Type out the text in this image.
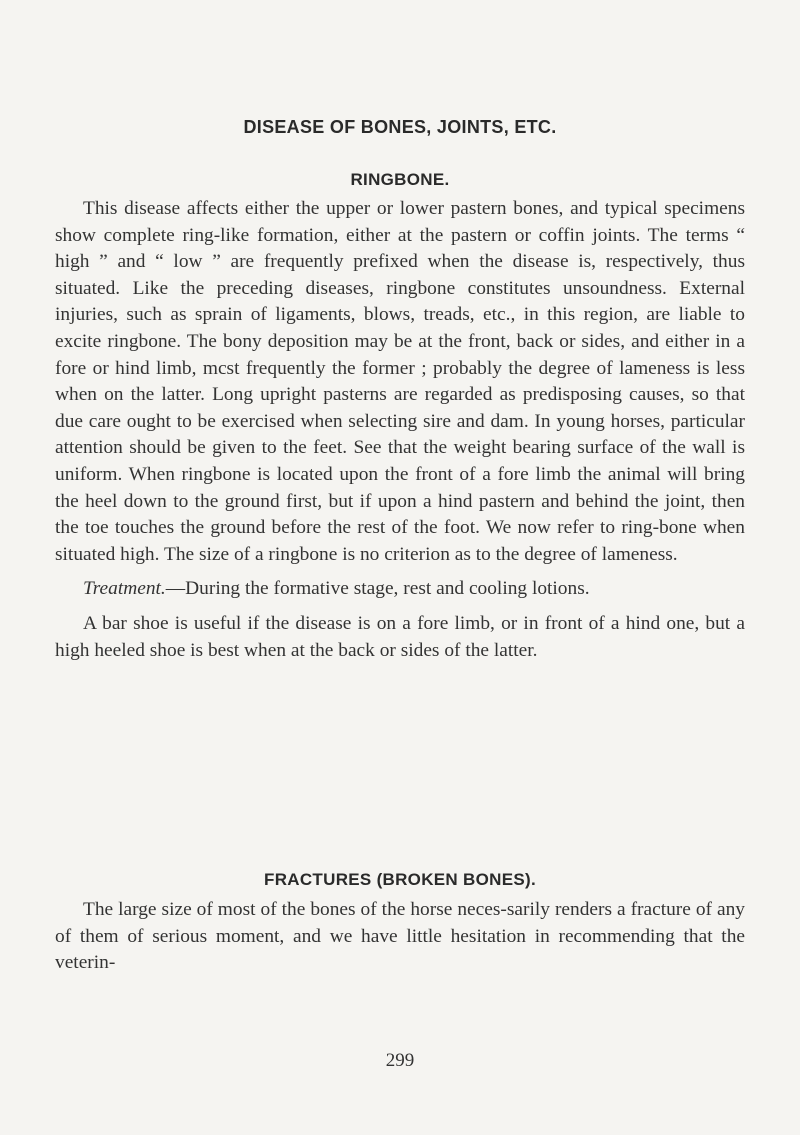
DISEASE OF BONES, JOINTS, ETC.
RINGBONE.

This disease affects either the upper or lower pastern bones, and typical specimens show complete ring-like formation, either at the pastern or coffin joints. The terms “ high ” and “ low ” are frequently prefixed when the disease is, respectively, thus situated. Like the preceding diseases, ringbone constitutes unsoundness. External injuries, such as sprain of ligaments, blows, treads, etc., in this region, are liable to excite ringbone. The bony deposition may be at the front, back or sides, and either in a fore or hind limb, mcst frequently the former ; probably the degree of lameness is less when on the latter. Long upright pasterns are regarded as predisposing causes, so that due care ought to be exercised when selecting sire and dam. In young horses, particular attention should be given to the feet. See that the weight bearing surface of the wall is uniform. When ringbone is located upon the front of a fore limb the animal will bring the heel down to the ground first, but if upon a hind pastern and behind the joint, then the toe touches the ground before the rest of the foot. We now refer to ring-bone when situated high. The size of a ringbone is no criterion as to the degree of lameness.

Treatment.—During the formative stage, rest and cooling lotions.

A bar shoe is useful if the disease is on a fore limb, or in front of a hind one, but a high heeled shoe is best when at the back or sides of the latter.

FRACTURES (BROKEN BONES).

The large size of most of the bones of the horse neces-sarily renders a fracture of any of them of serious moment, and we have little hesitation in recommending that the veterin-

299
